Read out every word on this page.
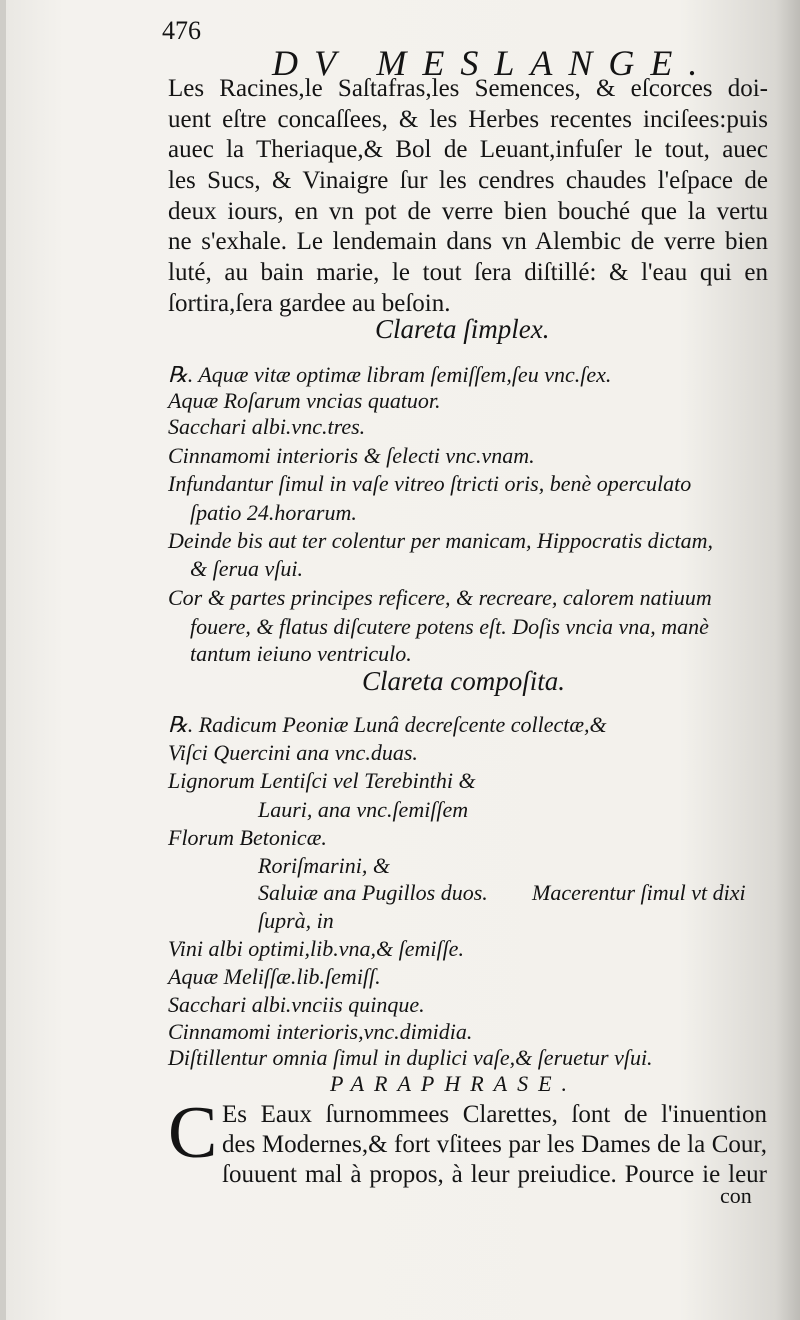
476
DV MESLANGE.
Les Racines,le Saſtafras,les Semences, & eſcorces doi-
uent eſtre concaſſees, & les Herbes recentes inciſees:puis
auec la Theriaque,& Bol de Leuant,infuſer le tout, auec
les Sucs, & Vinaigre ſur les cendres chaudes l'eſpace de
deux iours, en vn pot de verre bien bouché que la vertu
ne s'exhale. Le lendemain dans vn Alembic de verre bien
luté, au bain marie, le tout ſera diſtillé: & l'eau qui en
ſortira,ſera gardee au beſoin.
Clareta ſimplex.
℞. Aquæ vitæ optimæ libram ſemiſſem,ſeu vnc.ſex.
Aquæ Roſarum vncias quatuor.
Sacchari albi.vnc.tres.
Cinnamomi interioris & ſelecti vnc.vnam.
Infundantur ſimul in vaſe vitreo ſtricti oris, benè operculato
ſpatio 24.horarum.
Deinde bis aut ter colentur per manicam, Hippocratis dictam,
& ſerua vſui.
Cor & partes principes reficere, & recreare, calorem natiuum
fouere, & flatus diſcutere potens eſt. Doſis vncia vna, manè
tantum ieiuno ventriculo.
Clareta compoſita.
℞. Radicum Peoniæ Lunâ decreſcente collectæ,&
Viſci Quercini ana vnc.duas.
Lignorum Lentiſci vel Terebinthi &
Lauri, ana vnc.ſemiſſem
Florum Betonicæ.
Roriſmarini, &
Saluiæ ana Pugillos duos. Macerentur ſimul vt dixi
ſuprà, in
Vini albi optimi,lib.vna,& ſemiſſe.
Aquæ Meliſſæ.lib.ſemiſſ.
Sacchari albi.vnciis quinque.
Cinnamomi interioris,vnc.dimidia.
Diſtillentur omnia ſimul in duplici vaſe,& ſeruetur vſui.
PARAPHRASE.
C Es Eaux ſurnommees Clarettes, ſont de l'inuention
des Modernes,& fort vſitees par les Dames de la Cour,
ſouuent mal à propos, à leur preiudice. Pource ie leur
con
